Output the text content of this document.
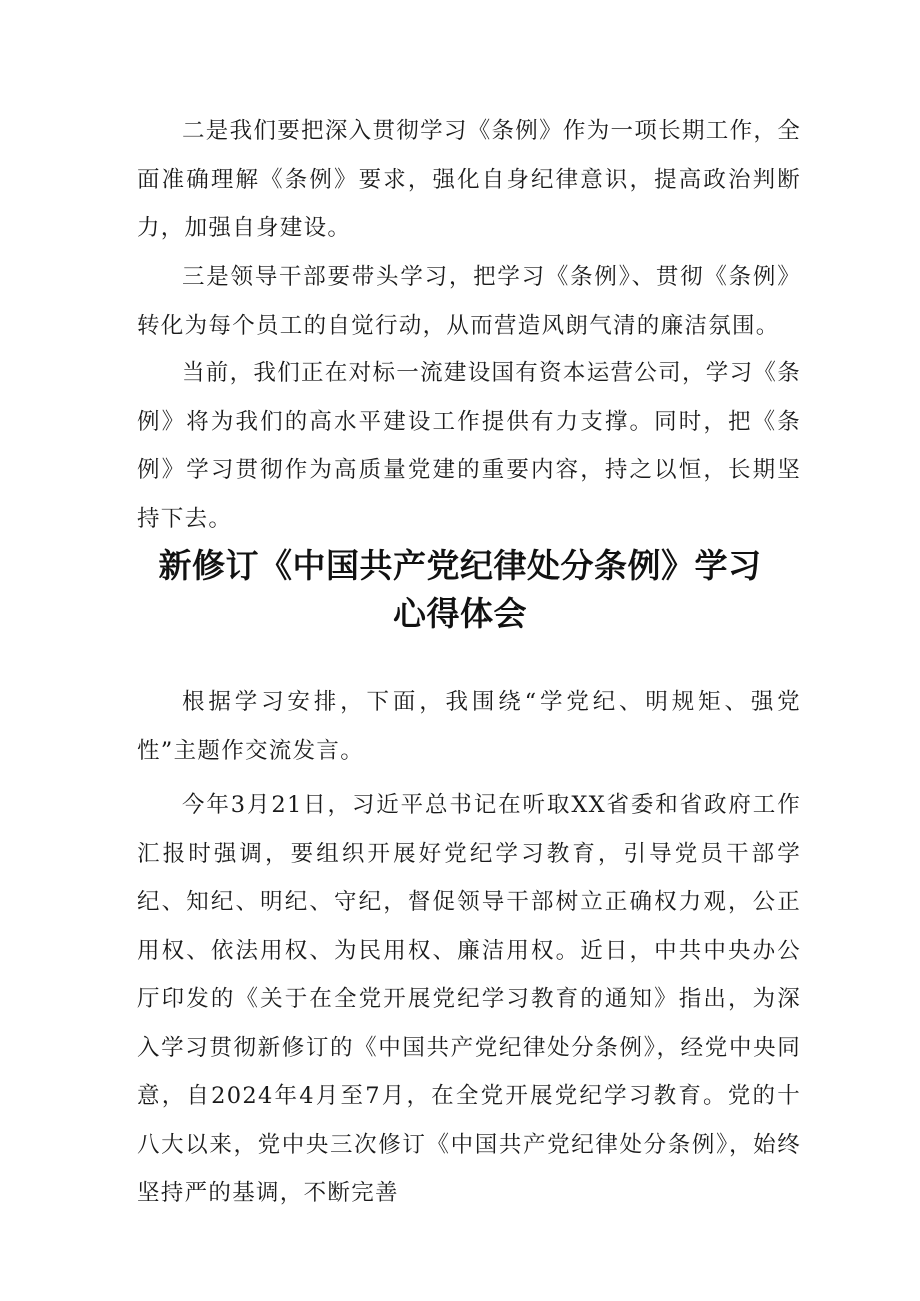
二是我们要把深入贯彻学习《条例》作为一项长期工作，全面准确理解《条例》要求，强化自身纪律意识，提高政治判断力，加强自身建设。

三是领导干部要带头学习，把学习《条例》、贯彻《条例》转化为每个员工的自觉行动，从而营造风朗气清的廉洁氛围。

当前，我们正在对标一流建设国有资本运营公司，学习《条例》将为我们的高水平建设工作提供有力支撑。同时，把《条例》学习贯彻作为高质量党建的重要内容，持之以恒，长期坚持下去。

新修订《中国共产党纪律处分条例》学习
心得体会

根据学习安排，下面，我围绕“学党纪、明规矩、强党性”主题作交流发言。

今年3月21日，习近平总书记在听取XX省委和省政府工作汇报时强调，要组织开展好党纪学习教育，引导党员干部学纪、知纪、明纪、守纪，督促领导干部树立正确权力观，公正用权、依法用权、为民用权、廉洁用权。近日，中共中央办公厅印发的《关于在全党开展党纪学习教育的通知》指出，为深入学习贯彻新修订的《中国共产党纪律处分条例》，经党中央同意，自2024年4月至7月，在全党开展党纪学习教育。党的十八大以来，党中央三次修订《中国共产党纪律处分条例》，始终坚持严的基调，不断完善
